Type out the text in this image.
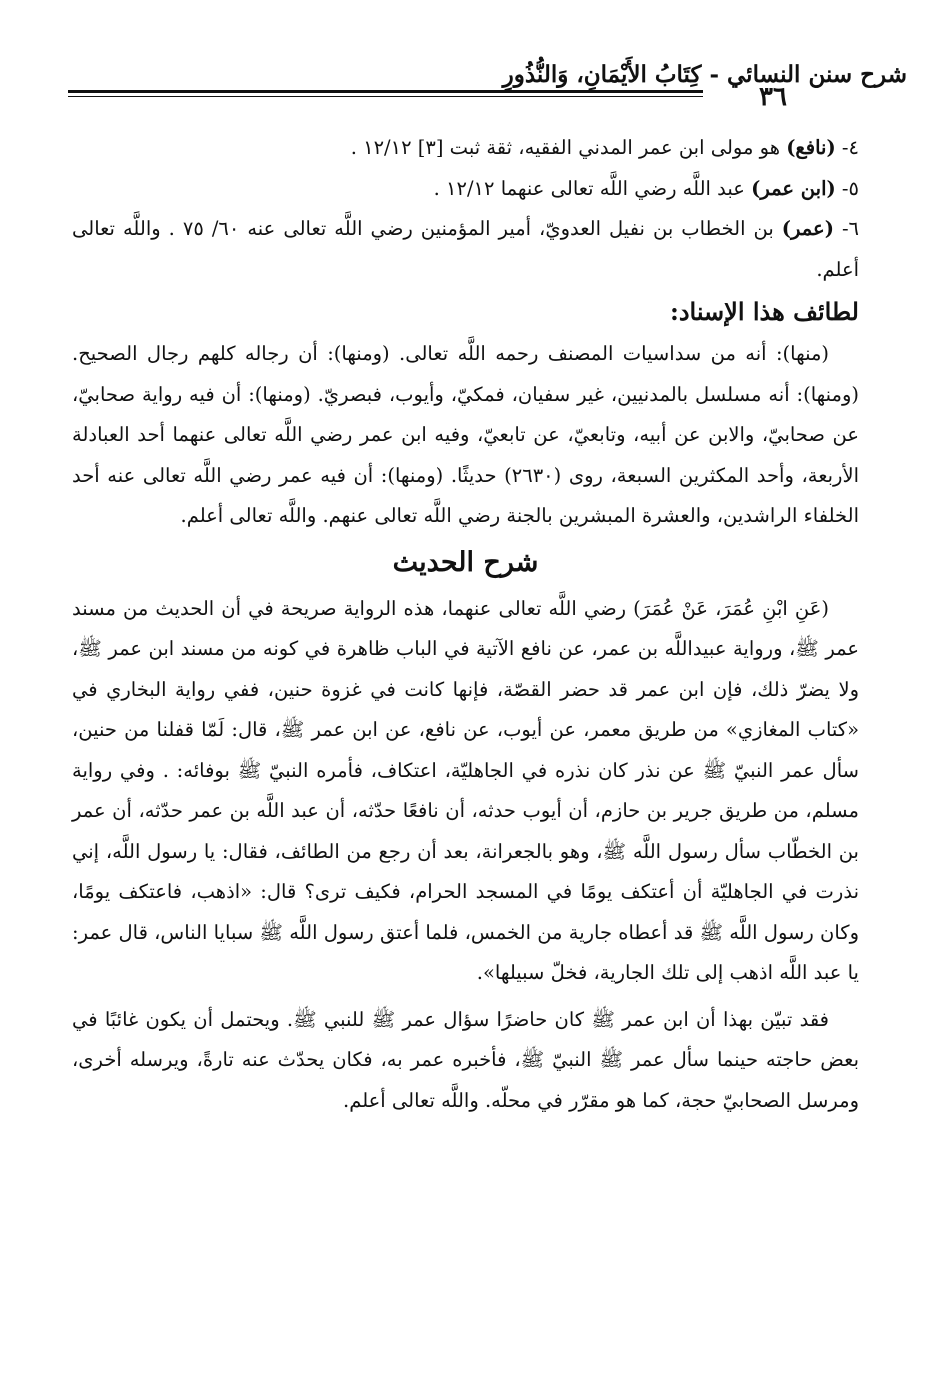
شرح سنن النسائي - كِتَابُ الأَيْمَانِ، وَالنُّذُورِ
٣٦

٤- (نافع) هو مولى ابن عمر المدني الفقيه، ثقة ثبت [٣] ١٢/١٢ .

٥- (ابن عمر) عبد اللَّه رضي اللَّه تعالى عنهما ١٢/١٢ .

٦- (عمر) بن الخطاب بن نفيل العدويّ، أمير المؤمنين رضي اللَّه تعالى عنه ٦٠/ ٧٥ . واللَّه تعالى أعلم.

لطائف هذا الإسناد:

(منها): أنه من سداسيات المصنف رحمه اللَّه تعالى. (ومنها): أن رجاله كلهم رجال الصحيح. (ومنها): أنه مسلسل بالمدنيين، غير سفيان، فمكيّ، وأيوب، فبصريّ. (ومنها): أن فيه رواية صحابيّ، عن صحابيّ، والابن عن أبيه، وتابعيّ، عن تابعيّ، وفيه ابن عمر رضي اللَّه تعالى عنهما أحد العبادلة الأربعة، وأحد المكثرين السبعة، روى (٢٦٣٠) حديثًا. (ومنها): أن فيه عمر رضي اللَّه تعالى عنه أحد الخلفاء الراشدين، والعشرة المبشرين بالجنة رضي اللَّه تعالى عنهم. واللَّه تعالى أعلم.

شرح الحديث

(عَنِ ابْنِ عُمَرَ، عَنْ عُمَرَ) رضي اللَّه تعالى عنهما، هذه الرواية صريحة في أن الحديث من مسند عمر ﷺ، ورواية عبيداللَّه بن عمر، عن نافع الآتية في الباب ظاهرة في كونه من مسند ابن عمر ﷺ، ولا يضرّ ذلك، فإن ابن عمر قد حضر القصّة، فإنها كانت في غزوة حنين، ففي رواية البخاري في «كتاب المغازي» من طريق معمر، عن أيوب، عن نافع، عن ابن عمر ﷺ، قال: لَمّا قفلنا من حنين، سأل عمر النبيّ ﷺ عن نذر كان نذره في الجاهليّة، اعتكاف، فأمره النبيّ ﷺ بوفائه: . وفي رواية مسلم، من طريق جرير بن حازم، أن أيوب حدثه، أن نافعًا حدّثه، أن عبد اللَّه بن عمر حدّثه، أن عمر بن الخطّاب سأل رسول اللَّه ﷺ، وهو بالجعرانة، بعد أن رجع من الطائف، فقال: يا رسول اللَّه، إني نذرت في الجاهليّة أن أعتكف يومًا في المسجد الحرام، فكيف ترى؟ قال: «اذهب، فاعتكف يومًا، وكان رسول اللَّه ﷺ قد أعطاه جارية من الخمس، فلما أعتق رسول اللَّه ﷺ سبايا الناس، قال عمر: يا عبد اللَّه اذهب إلى تلك الجارية، فخلّ سبيلها».

فقد تبيّن بهذا أن ابن عمر ﷺ كان حاضرًا سؤال عمر ﷺ للنبي ﷺ. ويحتمل أن يكون غائبًا في بعض حاجته حينما سأل عمر ﷺ النبيّ ﷺ، فأخبره عمر به، فكان يحدّث عنه تارةً، ويرسله أخرى، ومرسل الصحابيّ حجة، كما هو مقرّر في محلّه. واللَّه تعالى أعلم.
